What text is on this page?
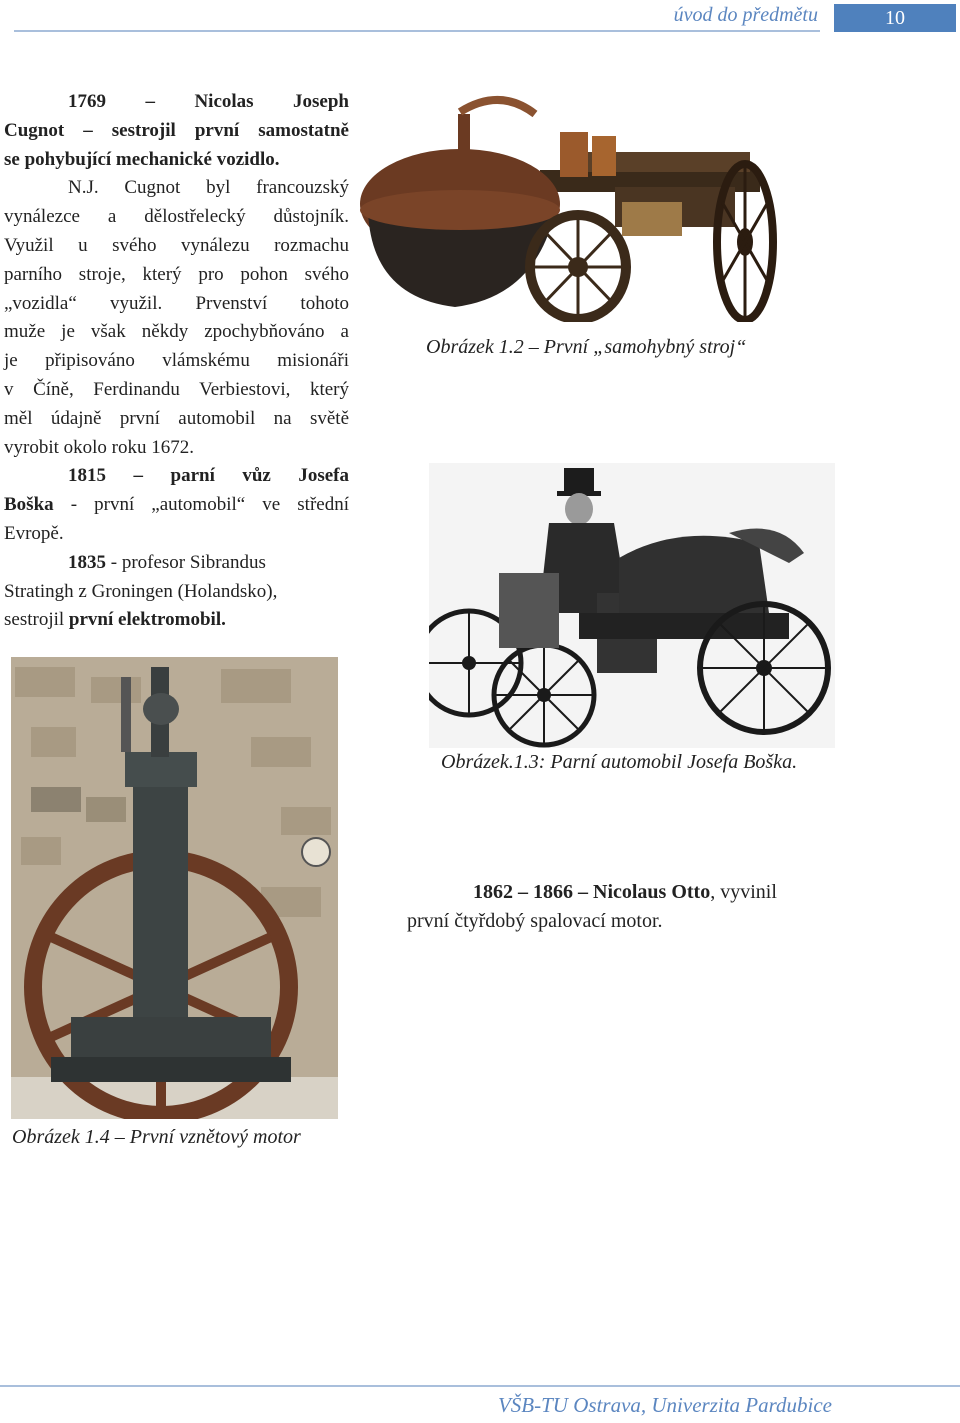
úvod do předmětu	10

1769 – Nicolas Joseph

Cugnot – sestrojil první samostatně

se pohybující mechanické vozidlo.

N.J. Cugnot byl francouzský

vynálezce a dělostřelecký důstojník.

Využil u svého vynálezu rozmachu

parního stroje, který pro pohon svého

„vozidla“ využil. Prvenství tohoto

muže je však někdy zpochybňováno a

je připisováno vlámskému misionáři

v Číně, Ferdinandu Verbiestovi, který

měl údajně první automobil na světě

vyrobit okolo roku 1672.

1815 – parní vůz Josefa

Boška - první „automobil“ ve střední

Evropě.

1835 - profesor Sibrandus

Stratingh z Groningen (Holandsko),

sestrojil první elektromobil.

Obrázek 1.2 – První „samohybný stroj“
Obrázek.1.3: Parní automobil Josefa Boška.

1862 – 1866 – Nicolaus Otto, vyvinil

první čtyřdobý spalovací motor.

Obrázek 1.4 – První vznětový motor
VŠB-TU Ostrava, Univerzita Pardubice
